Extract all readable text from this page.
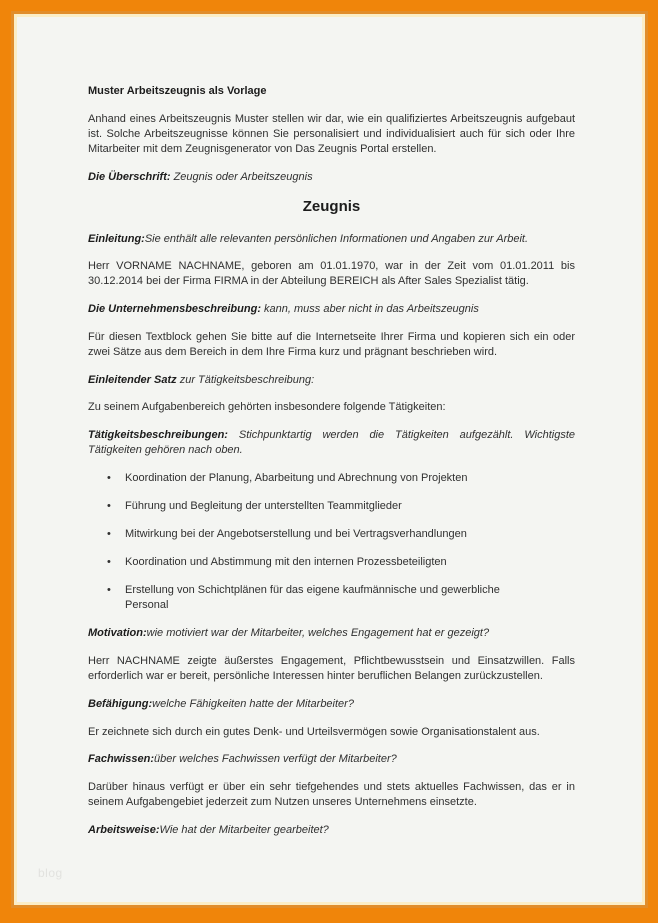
Muster Arbeitszeugnis als Vorlage

Anhand eines Arbeitszeugnis Muster stellen wir dar, wie ein qualifiziertes Arbeitszeugnis aufgebaut ist. Solche Arbeitszeugnisse können Sie personalisiert und individualisiert auch für sich oder Ihre Mitarbeiter mit dem Zeugnisgenerator von Das Zeugnis Portal erstellen.

Die Überschrift: Zeugnis oder Arbeitszeugnis

Zeugnis

Einleitung:Sie enthält alle relevanten persönlichen Informationen und Angaben zur Arbeit.

Herr VORNAME NACHNAME, geboren am 01.01.1970, war in der Zeit vom 01.01.2011 bis 30.12.2014 bei der Firma FIRMA in der Abteilung BEREICH als After Sales Spezialist tätig.

Die Unternehmensbeschreibung: kann, muss aber nicht in das Arbeitszeugnis

Für diesen Textblock gehen Sie bitte auf die Internetseite Ihrer Firma und kopieren sich ein oder zwei Sätze aus dem Bereich in dem Ihre Firma kurz und prägnant beschrieben wird.

Einleitender Satz zur Tätigkeitsbeschreibung:

Zu seinem Aufgabenbereich gehörten insbesondere folgende Tätigkeiten:

Tätigkeitsbeschreibungen: Stichpunktartig werden die Tätigkeiten aufgezählt. Wichtigste Tätigkeiten gehören nach oben.

•	Koordination der Planung, Abarbeitung und Abrechnung von Projekten
•	Führung und Begleitung der unterstellten Teammitglieder
•	Mitwirkung bei der Angebotserstellung und bei Vertragsverhandlungen
•	Koordination und Abstimmung mit den internen Prozessbeteiligten
•	Erstellung von Schichtplänen für das eigene kaufmännische und gewerbliche Personal

Motivation:wie motiviert war der Mitarbeiter, welches Engagement hat er gezeigt?

Herr NACHNAME zeigte äußerstes Engagement, Pflichtbewusstsein und Einsatzwillen. Falls erforderlich war er bereit, persönliche Interessen hinter beruflichen Belangen zurückzustellen.

Befähigung:welche Fähigkeiten hatte der Mitarbeiter?

Er zeichnete sich durch ein gutes Denk- und Urteilsvermögen sowie Organisationstalent aus.

Fachwissen:über welches Fachwissen verfügt der Mitarbeiter?

Darüber hinaus verfügt er über ein sehr tiefgehendes und stets aktuelles Fachwissen, das er in seinem Aufgabengebiet jederzeit zum Nutzen unseres Unternehmens einsetzte.

Arbeitsweise:Wie hat der Mitarbeiter gearbeitet?

blog
